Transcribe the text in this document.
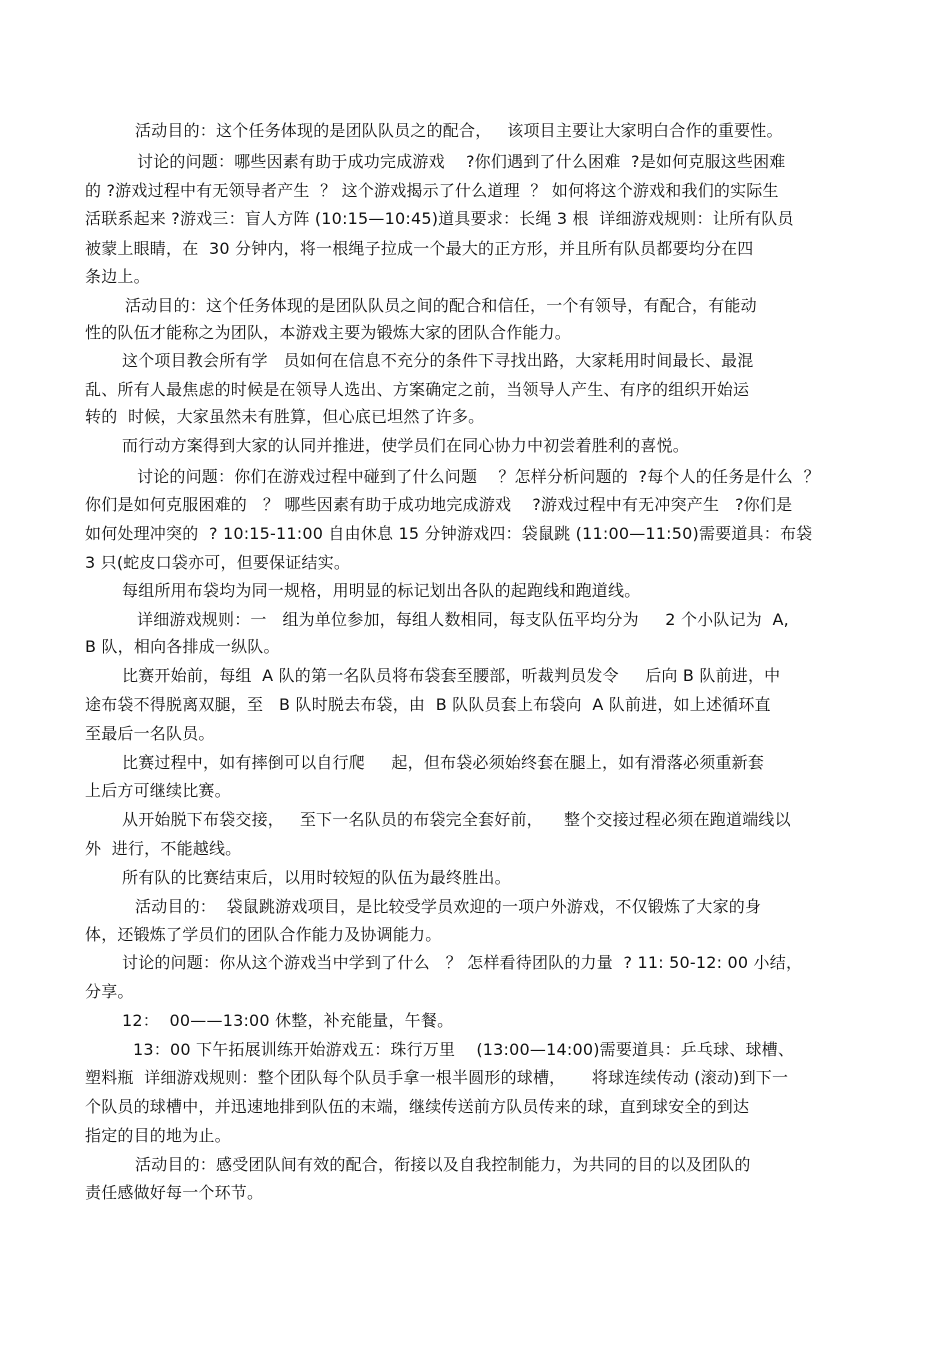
活动目的：这个任务体现的是团队队员之的配合，   该项目主要让大家明白合作的重要性。

讨论的问题：哪些因素有助于成功完成游戏    ?你们遇到了什么困难  ?是如何克服这些困难

的 ?游戏过程中有无领导者产生  ？ 这个游戏揭示了什么道理  ？ 如何将这个游戏和我们的实际生

活联系起来 ?游戏三：盲人方阵 (10:15—10:45)道具要求：长绳 3 根  详细游戏规则：让所有队员

被蒙上眼睛，在  30 分钟内，将一根绳子拉成一个最大的正方形，并且所有队员都要均分在四

条边上。

活动目的：这个任务体现的是团队队员之间的配合和信任，一个有领导，有配合，有能动

性的队伍才能称之为团队，本游戏主要为锻炼大家的团队合作能力。

这个项目教会所有学   员如何在信息不充分的条件下寻找出路，大家耗用时间最长、最混

乱、所有人最焦虑的时候是在领导人选出、方案确定之前，当领导人产生、有序的组织开始运

转的  时候，大家虽然未有胜算，但心底已坦然了许多。

而行动方案得到大家的认同并推进，使学员们在同心协力中初尝着胜利的喜悦。

讨论的问题：你们在游戏过程中碰到了什么问题    ？怎样分析问题的  ?每个人的任务是什么  ？

你们是如何克服困难的   ？ 哪些因素有助于成功地完成游戏    ?游戏过程中有无冲突产生   ?你们是

如何处理冲突的  ? 10:15-11:00 自由休息 15 分钟游戏四：袋鼠跳 (11:00—11:50)需要道具：布袋

3 只(蛇皮口袋亦可，但要保证结实。

每组所用布袋均为同一规格，用明显的标记划出各队的起跑线和跑道线。

详细游戏规则：一   组为单位参加，每组人数相同，每支队伍平均分为     2 个小队记为  A,

B 队，相向各排成一纵队。

比赛开始前，每组  A 队的第一名队员将布袋套至腰部，听裁判员发令     后向 B 队前进，中

途布袋不得脱离双腿，至   B 队时脱去布袋，由  B 队队员套上布袋向  A 队前进，如上述循环直

至最后一名队员。

比赛过程中，如有摔倒可以自行爬     起，但布袋必须始终套在腿上，如有滑落必须重新套

上后方可继续比赛。

从开始脱下布袋交接，   至下一名队员的布袋完全套好前，    整个交接过程必须在跑道端线以

外  进行，不能越线。

所有队的比赛结束后，以用时较短的队伍为最终胜出。

活动目的：  袋鼠跳游戏项目，是比较受学员欢迎的一项户外游戏，不仅锻炼了大家的身

体，还锻炼了学员们的团队合作能力及协调能力。

讨论的问题：你从这个游戏当中学到了什么   ？ 怎样看待团队的力量  ? 11: 50-12: 00 小结，

分享。

12：  00——13:00 休整，补充能量，午餐。

13：00 下午拓展训练开始游戏五：珠行万里    (13:00—14:00)需要道具：乒乓球、球槽、

塑料瓶  详细游戏规则：整个团队每个队员手拿一根半圆形的球槽，     将球连续传动 (滚动)到下一

个队员的球槽中，并迅速地排到队伍的末端，继续传送前方队员传来的球，直到球安全的到达

指定的目的地为止。

活动目的：感受团队间有效的配合，衔接以及自我控制能力，为共同的目的以及团队的

责任感做好每一个环节。
